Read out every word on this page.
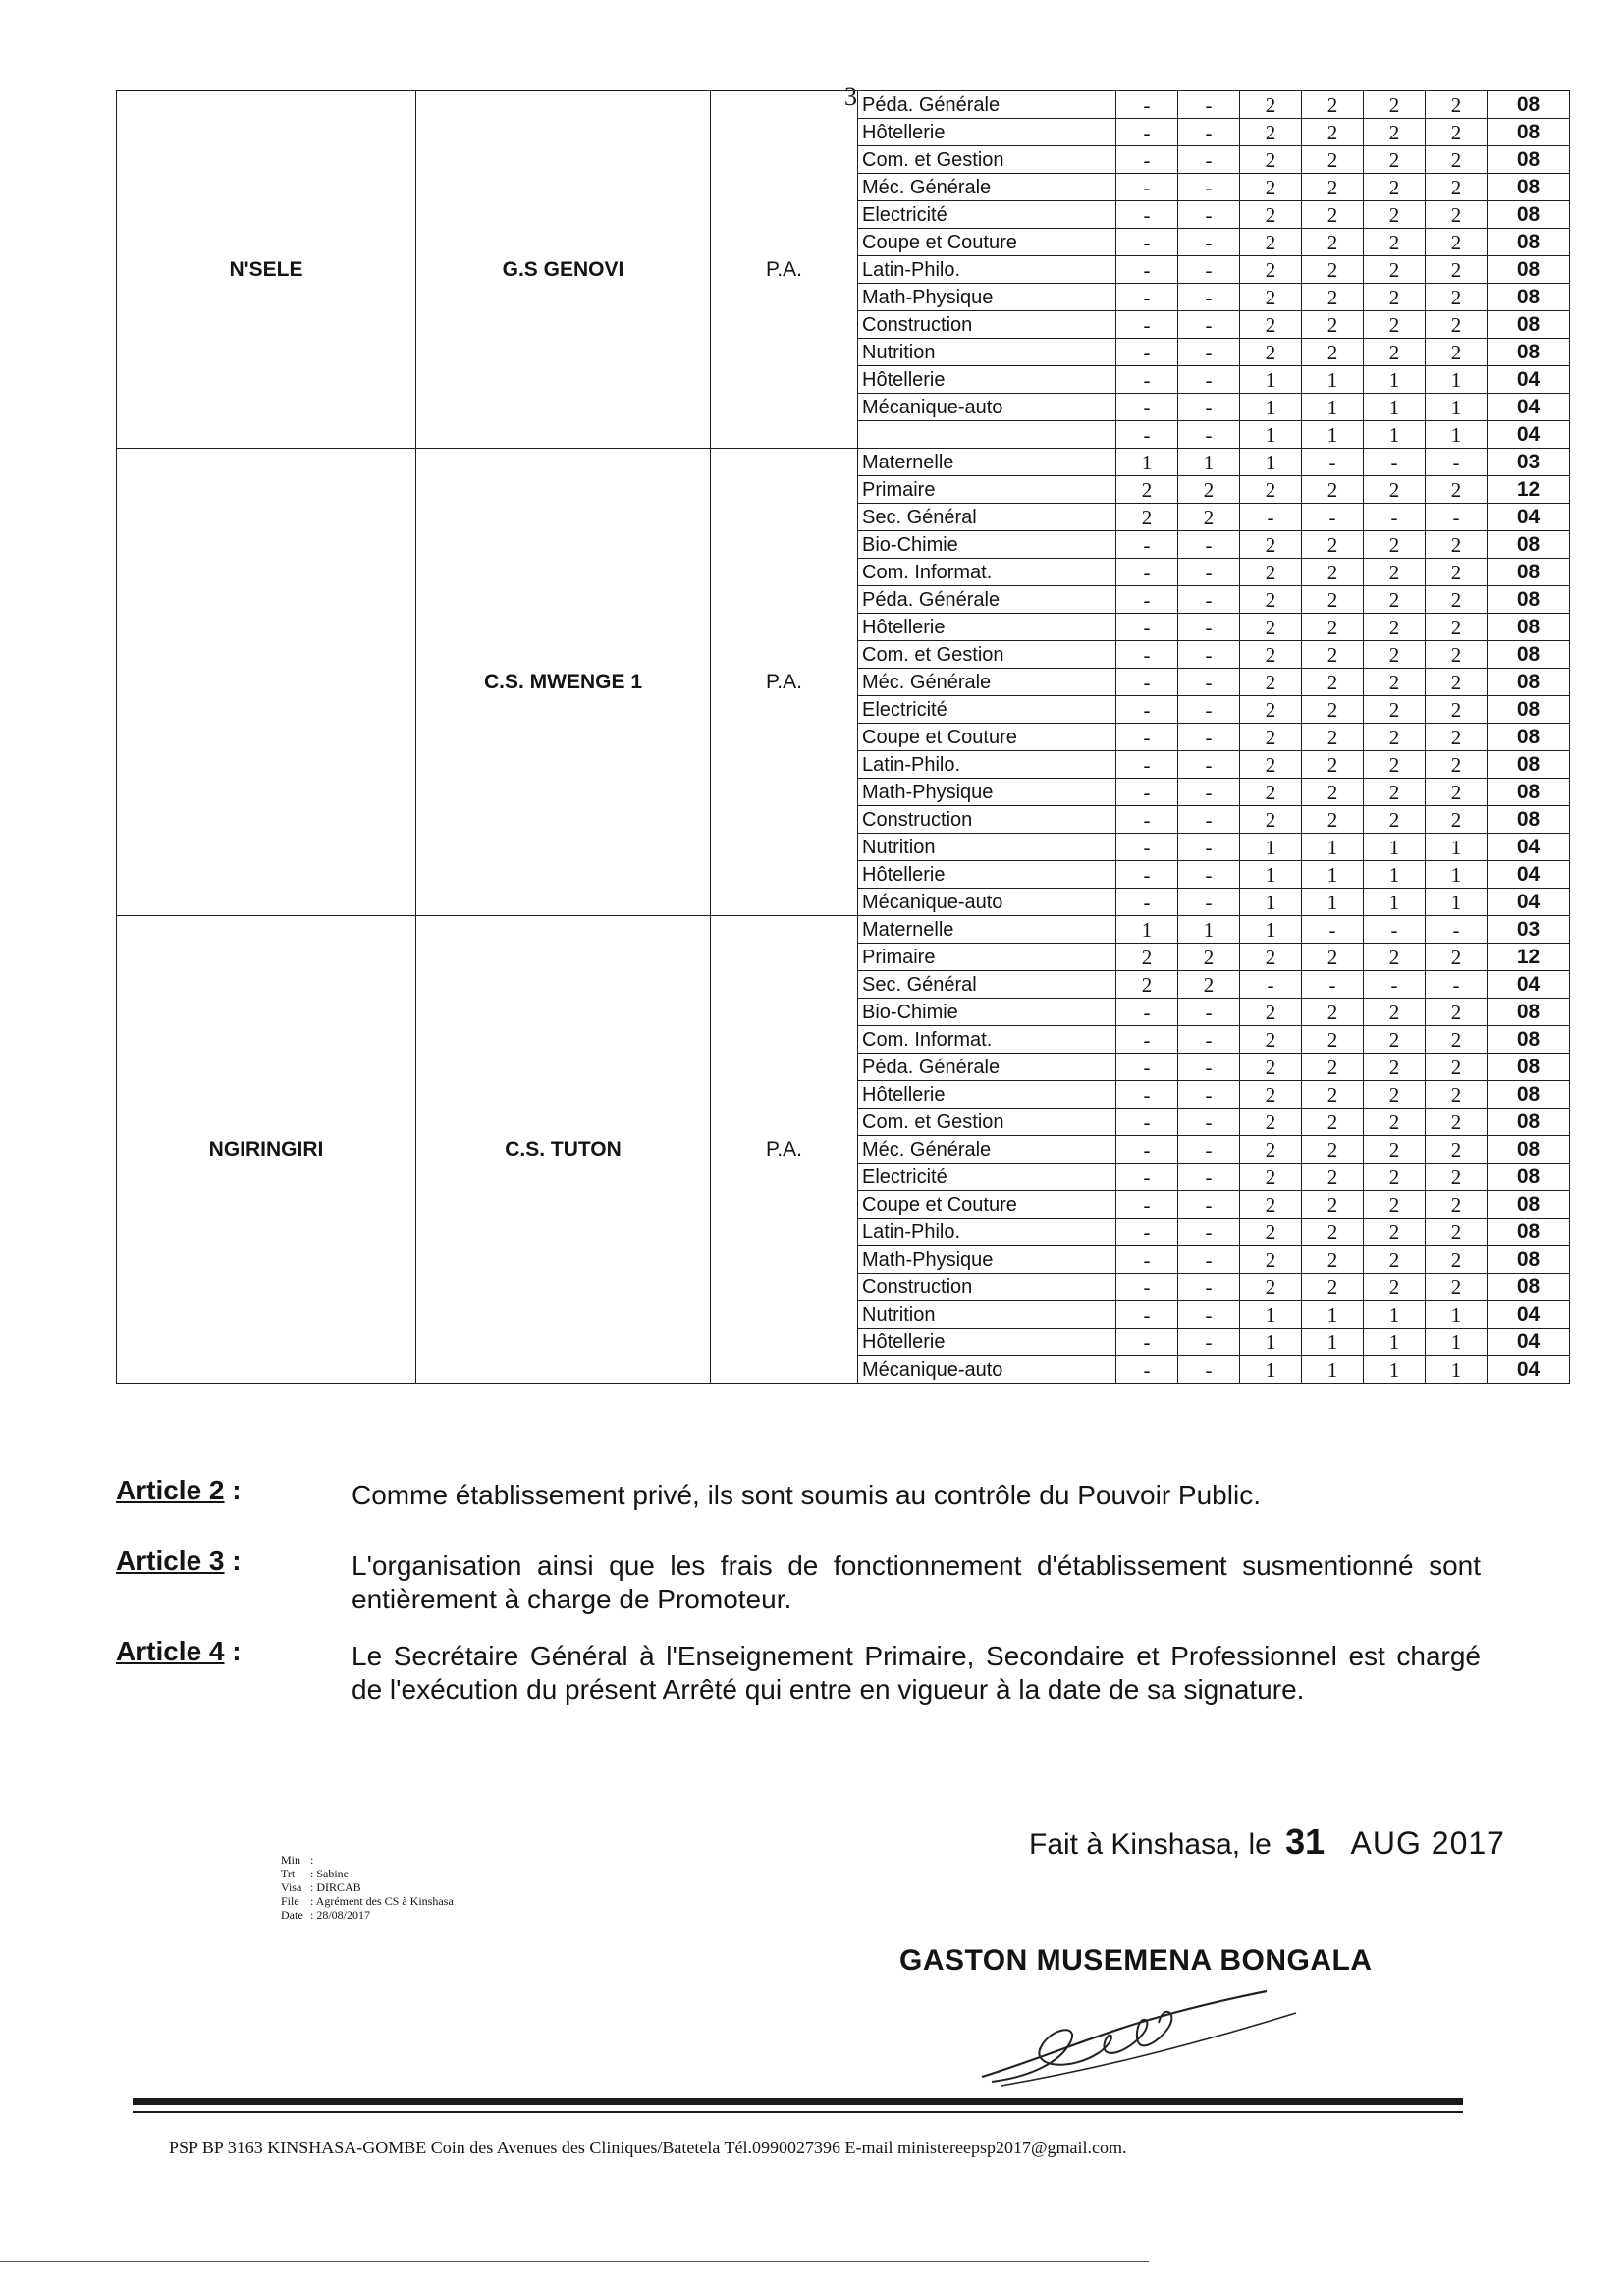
3
N'SELE	G.S GENOVI	P.A.	Péda. Générale	-	-	2	2	2	2	08
			Hôtellerie	-	-	2	2	2	2	08
			Com. et Gestion	-	-	2	2	2	2	08
			Méc. Générale	-	-	2	2	2	2	08
			Electricité	-	-	2	2	2	2	08
			Coupe et Couture	-	-	2	2	2	2	08
			Latin-Philo.	-	-	2	2	2	2	08
			Math-Physique	-	-	2	2	2	2	08
			Construction	-	-	2	2	2	2	08
			Nutrition	-	-	2	2	2	2	08
			Hôtellerie	-	-	1	1	1	1	04
			Mécanique-auto	-	-	1	1	1	1	04
				-	-	1	1	1	1	04
	C.S. MWENGE 1	P.A.	Maternelle	1	1	1	-	-	-	03
			Primaire	2	2	2	2	2	2	12
			Sec. Général	2	2	-	-	-	-	04
			Bio-Chimie	-	-	2	2	2	2	08
			Com. Informat.	-	-	2	2	2	2	08
			Péda. Générale	-	-	2	2	2	2	08
			Hôtellerie	-	-	2	2	2	2	08
			Com. et Gestion	-	-	2	2	2	2	08
			Méc. Générale	-	-	2	2	2	2	08
			Electricité	-	-	2	2	2	2	08
			Coupe et Couture	-	-	2	2	2	2	08
			Latin-Philo.	-	-	2	2	2	2	08
			Math-Physique	-	-	2	2	2	2	08
			Construction	-	-	2	2	2	2	08
			Nutrition	-	-	1	1	1	1	04
			Hôtellerie	-	-	1	1	1	1	04
			Mécanique-auto	-	-	1	1	1	1	04
NGIRINGIRI	C.S. TUTON	P.A.	Maternelle	1	1	1	-	-	-	03
			Primaire	2	2	2	2	2	2	12
			Sec. Général	2	2	-	-	-	-	04
			Bio-Chimie	-	-	2	2	2	2	08
			Com. Informat.	-	-	2	2	2	2	08
			Péda. Générale	-	-	2	2	2	2	08
			Hôtellerie	-	-	2	2	2	2	08
			Com. et Gestion	-	-	2	2	2	2	08
			Méc. Générale	-	-	2	2	2	2	08
			Electricité	-	-	2	2	2	2	08
			Coupe et Couture	-	-	2	2	2	2	08
			Latin-Philo.	-	-	2	2	2	2	08
			Math-Physique	-	-	2	2	2	2	08
			Construction	-	-	2	2	2	2	08
			Nutrition	-	-	1	1	1	1	04
			Hôtellerie	-	-	1	1	1	1	04
			Mécanique-auto	-	-	1	1	1	1	04
Article 2 :	Comme établissement privé, ils sont soumis au contrôle du Pouvoir Public.
Article 3 :	L'organisation ainsi que les frais de fonctionnement d'établissement susmentionné sont entièrement à charge de Promoteur.
Article 4 :	Le Secrétaire Général à l'Enseignement Primaire, Secondaire et Professionnel est chargé de l'exécution du présent Arrêté qui entre en vigueur à la date de sa signature.
Fait à Kinshasa, le 31 AUG 2017
Min :
Trt : Sabine
Visa : DIRCAB
File : Agrément des CS à Kinshasa
Date : 28/08/2017
GASTON MUSEMENA BONGALA
PSP BP 3163 KINSHASA-GOMBE Coin des Avenues des Cliniques/Batetela Tél.0990027396 E-mail ministereepsp2017@gmail.com.
